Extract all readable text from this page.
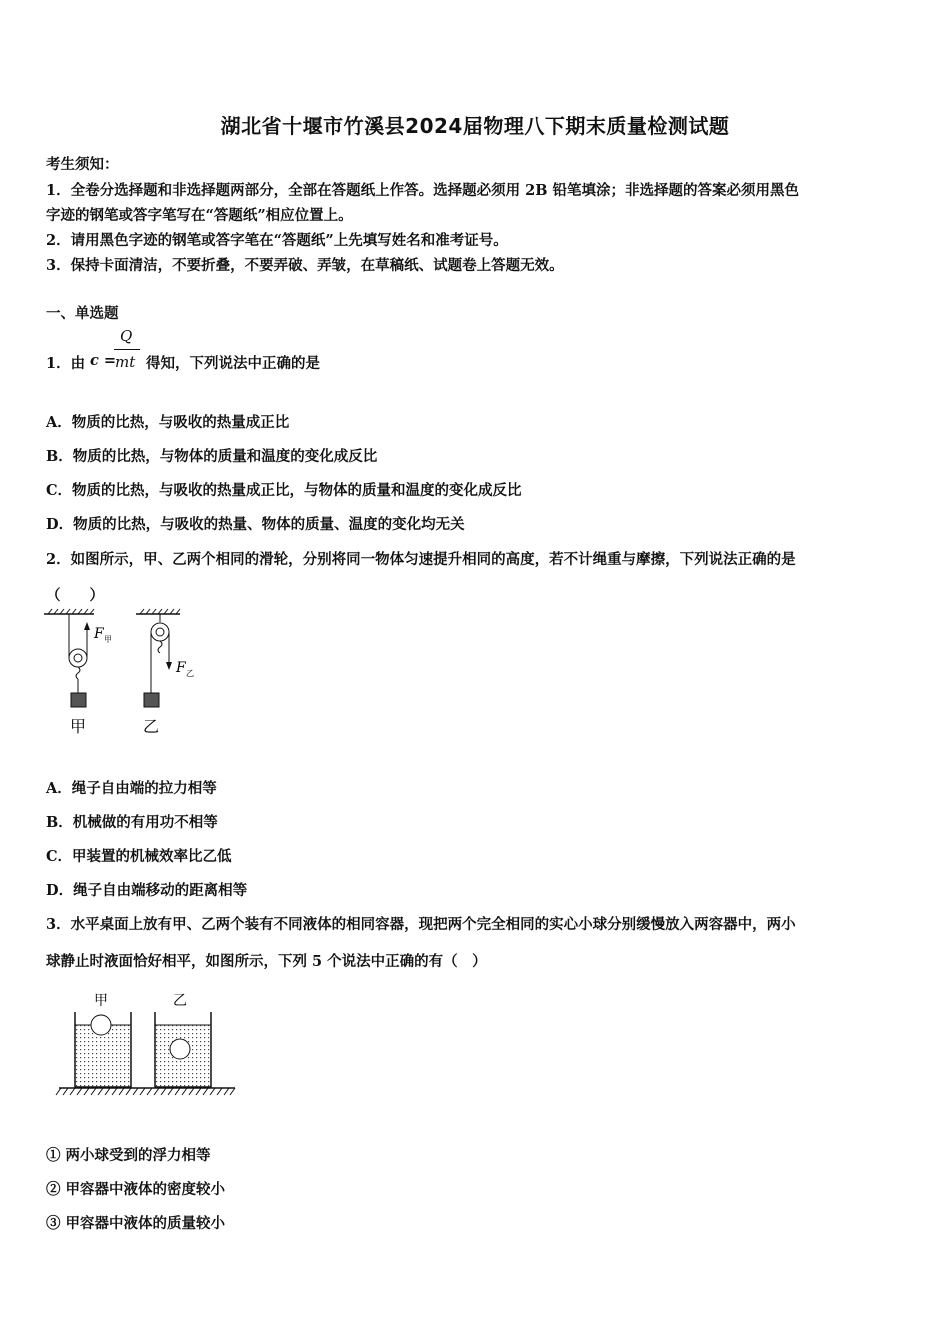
湖北省十堰市竹溪县2024届物理八下期末质量检测试题
考生须知：
1．全卷分选择题和非选择题两部分，全部在答题纸上作答。选择题必须用 2B 铅笔填涂；非选择题的答案必须用黑色
字迹的钢笔或答字笔写在“答题纸”相应位置上。
2．请用黑色字迹的钢笔或答字笔在“答题纸”上先填写姓名和准考证号。
3．保持卡面清洁，不要折叠，不要弄破、弄皱，在草稿纸、试题卷上答题无效。
一、单选题
1．由 c =
Q
mt 得知，下列说法中正确的是
A．物质的比热，与吸收的热量成正比
B．物质的比热，与物体的质量和温度的变化成反比
C．物质的比热，与吸收的热量成正比，与物体的质量和温度的变化成反比
D．物质的比热，与吸收的热量、物体的质量、温度的变化均无关
2．如图所示，甲、乙两个相同的滑轮，分别将同一物体匀速提升相同的高度，若不计绳重与摩擦，下列说法正确的是
（　　）
F 甲
甲
F 乙
乙
A．绳子自由端的拉力相等
B．机械做的有用功不相等
C．甲装置的机械效率比乙低
D．绳子自由端移动的距离相等
3．水平桌面上放有甲、乙两个装有不同液体的相同容器，现把两个完全相同的实心小球分别缓慢放入两容器中，两小
球静止时液面恰好相平，如图所示，下列 5 个说法中正确的有（　）
甲	乙
① 两小球受到的浮力相等
② 甲容器中液体的密度较小
③ 甲容器中液体的质量较小
